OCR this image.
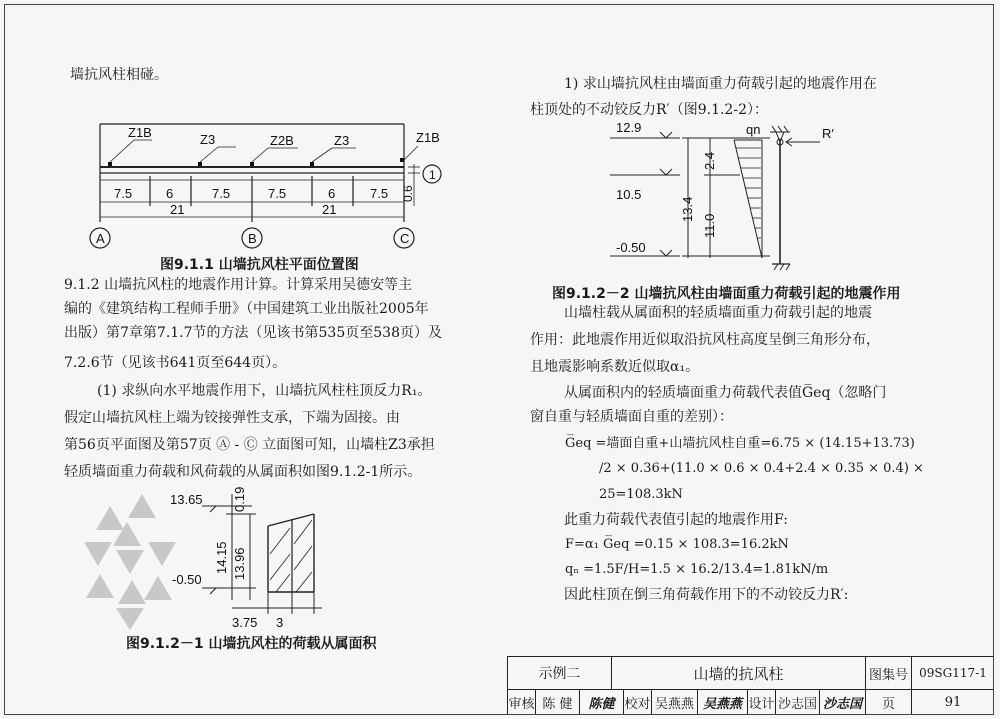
墙抗风柱相碰。
Z1B	Z3	Z2B	Z3	Z1B
7.5	6	7.5	7.5	6	7.5
21	21
A	B	C
1
0.6
图9.1.1 山墙抗风柱平面位置图
9.1.2 山墙抗风柱的地震作用计算。计算采用吴德安等主
编的《建筑结构工程师手册》（中国建筑工业出版社2005年
出版）第7章第7.1.7节的方法（见该书第535页至538页）及
7.2.6节（见该书641页至644页）。
(1) 求纵向水平地震作用下，山墙抗风柱柱顶反力R₁。
假定山墙抗风柱上端为铰接弹性支承，下端为固接。由
第56页平面图及第57页 Ⓐ - Ⓒ 立面图可知，山墙柱Z3承担
轻质墙面重力荷载和风荷载的从属面积如图9.1.2-1所示。
13.65
-0.50
3.75 3
0.19
14.15 13.96
图9.1.2－1 山墙抗风柱的荷载从属面积
1) 求山墙抗风柱由墙面重力荷载引起的地震作用在
柱顶处的不动铰反力R′（图9.1.2-2）：
12.9
10.5
-0.50
qn	R′
2.4
13.4
11.0
图9.1.2－2 山墙抗风柱由墙面重力荷载引起的地震作用
山墙柱载从属面积的轻质墙面重力荷载引起的地震
作用：此地震作用近似取沿抗风柱高度呈倒三角形分布，
且地震影响系数近似取α₁。
从属面积内的轻质墙面重力荷载代表值G̅eq（忽略门
窗自重与轻质墙面自重的差别）：
G̅eq =墙面自重+山墙抗风柱自重=6.75 × (14.15+13.73)
/2 × 0.36+(11.0 × 0.6 × 0.4+2.4 × 0.35 × 0.4) ×
25=108.3kN
此重力荷载代表值引起的地震作用F:
F=α₁ G̅eq =0.15 × 108.3=16.2kN
qₙ =1.5F/H=1.5 × 16.2/13.4=1.81kN/m
因此柱顶在倒三角荷载作用下的不动铰反力R′:
示例二	山墙的抗风柱	图集号 09SG117-1
审核 陈 健	陈健 校对 吴燕燕 吴燕燕 设计 沙志国 沙志国	页	91
